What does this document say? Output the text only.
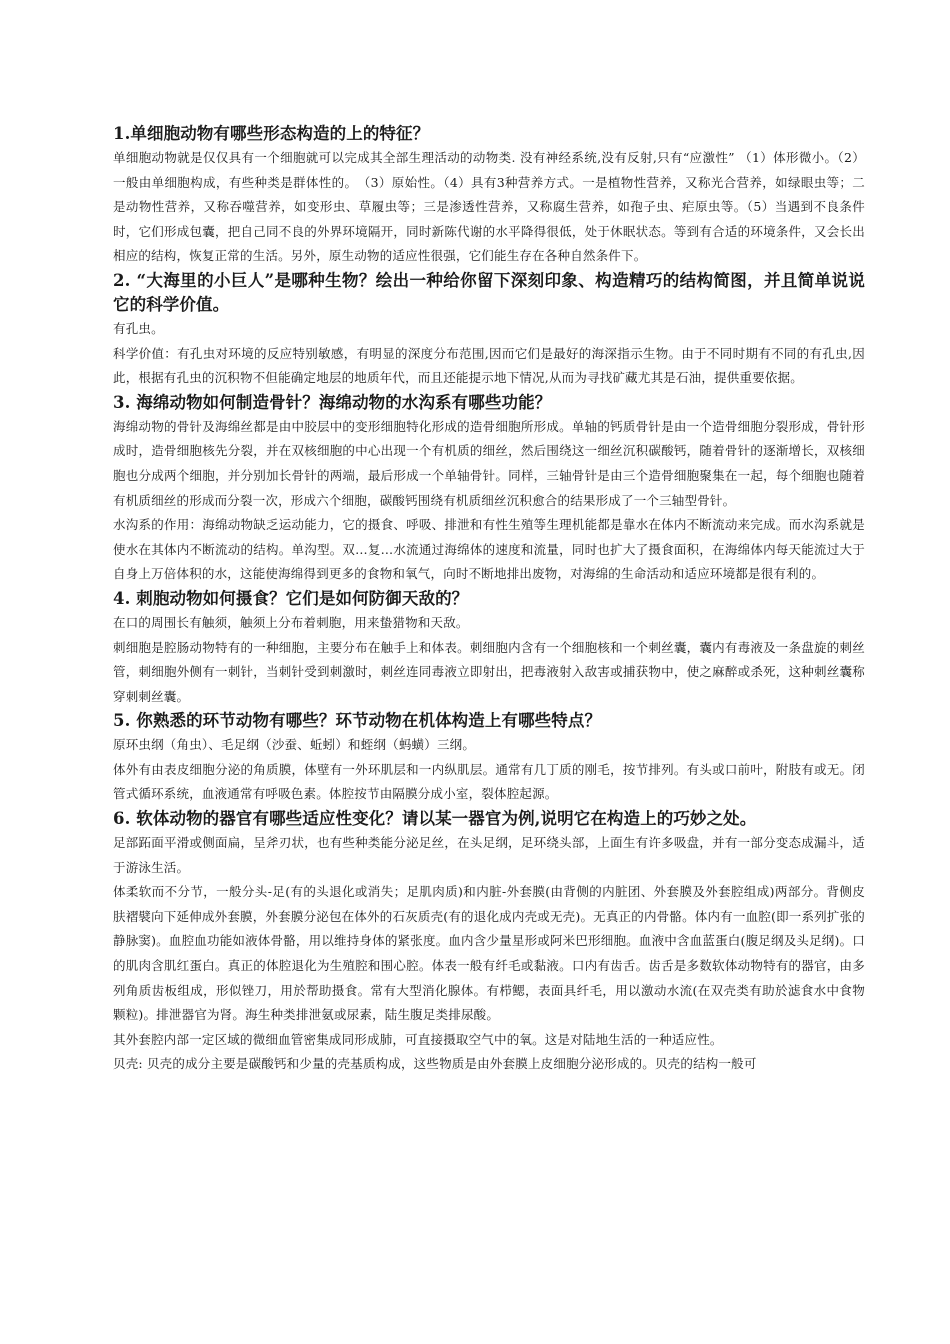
1.单细胞动物有哪些形态构造的上的特征？

单细胞动物就是仅仅具有一个细胞就可以完成其全部生理活动的动物类. 没有神经系统,没有反射,只有“应激性” （1）体形微小。（2）一般由单细胞构成，有些种类是群体性的。　（3）原始性。（4）具有3种营养方式。一是植物性营养，又称光合营养，如绿眼虫等；二是动物性营养，又称吞噬营养，如变形虫、草履虫等；三是渗透性营养，又称腐生营养，如孢子虫、疟原虫等。（5）当遇到不良条件时，它们形成包囊，把自己同不良的外界环境隔开，同时新陈代谢的水平降得很低，处于休眠状态。等到有合适的环境条件，又会长出相应的结构，恢复正常的生活。另外，原生动物的适应性很强，它们能生存在各种自然条件下。

2. “大海里的小巨人”是哪种生物？绘出一种给你留下深刻印象、构造精巧的结构简图，并且简单说说它的科学价值。

有孔虫。

科学价值：有孔虫对环境的反应特别敏感，有明显的深度分布范围,因而它们是最好的海深指示生物。由于不同时期有不同的有孔虫,因此，根据有孔虫的沉积物不但能确定地层的地质年代，而且还能提示地下情况,从而为寻找矿藏尤其是石油，提供重要依据。

3. 海绵动物如何制造骨针？海绵动物的水沟系有哪些功能？

海绵动物的骨针及海绵丝都是由中胶层中的变形细胞特化形成的造骨细胞所形成。单轴的钙质骨针是由一个造骨细胞分裂形成，骨针形成时，造骨细胞核先分裂，并在双核细胞的中心出现一个有机质的细丝，然后围绕这一细丝沉积碳酸钙，随着骨针的逐渐增长，双核细胞也分成两个细胞，并分别加长骨针的两端，最后形成一个单轴骨针。同样，三轴骨针是由三个造骨细胞聚集在一起，每个细胞也随着有机质细丝的形成而分裂一次，形成六个细胞，碳酸钙围绕有机质细丝沉积愈合的结果形成了一个三轴型骨针。

水沟系的作用：海绵动物缺乏运动能力，它的摄食、呼吸、排泄和有性生殖等生理机能都是靠水在体内不断流动来完成。而水沟系就是使水在其体内不断流动的结构。单沟型。双…复…水流通过海绵体的速度和流量，同时也扩大了摄食面积，在海绵体内每天能流过大于自身上万倍体积的水，这能使海绵得到更多的食物和氧气，向时不断地排出废物，对海绵的生命活动和适应环境都是很有利的。

4. 刺胞动物如何摄食？它们是如何防御天敌的？

在口的周围长有触须，触须上分布着刺胞，用来蛰猎物和天敌。

刺细胞是腔肠动物特有的一种细胞，主要分布在触手上和体表。刺细胞内含有一个细胞核和一个刺丝囊，囊内有毒液及一条盘旋的刺丝管，刺细胞外侧有一刺针，当刺针受到刺激时，刺丝连同毒液立即射出，把毒液射入敌害或捕获物中，使之麻醉或杀死，这种刺丝囊称穿刺刺丝囊。

5. 你熟悉的环节动物有哪些？环节动物在机体构造上有哪些特点？

原环虫纲（角虫）、毛足纲（沙蚕、蚯蚓）和蛭纲（蚂蟥）三纲。

体外有由表皮细胞分泌的角质膜，体壁有一外环肌层和一内纵肌层。通常有几丁质的刚毛，按节排列。有头或口前叶，附肢有或无。闭管式循环系统，血液通常有呼吸色素。体腔按节由隔膜分成小室，裂体腔起源。

6. 软体动物的器官有哪些适应性变化？请以某一器官为例,说明它在构造上的巧妙之处。

足部跖面平滑或侧面扁，呈斧刃状，也有些种类能分泌足丝，在头足纲，足环绕头部，上面生有许多吸盘，并有一部分变态成漏斗，适于游泳生活。

体柔软而不分节，一般分头-足(有的头退化或消失；足肌肉质)和内脏-外套膜(由背侧的内脏团、外套膜及外套腔组成)两部分。背侧皮肤褶襞向下延伸成外套膜，外套膜分泌包在体外的石灰质壳(有的退化成内壳或无壳)。无真正的内骨骼。体内有一血腔(即一系列扩张的静脉窦)。血腔血功能如液体骨骼，用以维持身体的紧张度。血内含少量星形或阿米巴形细胞。血液中含血蓝蛋白(腹足纲及头足纲)。口的肌肉含肌红蛋白。真正的体腔退化为生殖腔和围心腔。体表一般有纤毛或黏液。口内有齿舌。齿舌是多数软体动物特有的器官，由多列角质齿板组成，形似锉刀，用於帮助摄食。常有大型消化腺体。有栉鳃，表面具纤毛，用以激动水流(在双壳类有助於滤食水中食物颗粒)。排泄器官为肾。海生种类排泄氨或尿素，陆生腹足类排尿酸。

其外套腔内部一定区域的微细血管密集成同形成肺，可直接摄取空气中的氧。这是对陆地生活的一种适应性。

贝壳: 贝壳的成分主要是碳酸钙和少量的壳基质构成，这些物质是由外套膜上皮细胞分泌形成的。贝壳的结构一般可
